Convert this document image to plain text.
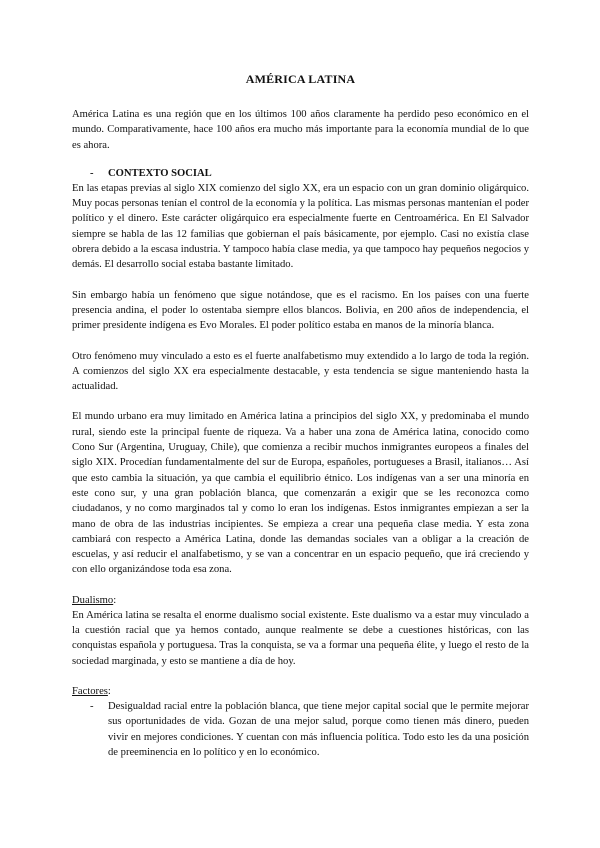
AMÉRICA LATINA

América Latina es una región que en los últimos 100 años claramente ha perdido peso económico en el mundo. Comparativamente, hace 100 años era mucho más importante para la economía mundial de lo que es ahora.

-	CONTEXTO SOCIAL

En las etapas previas al siglo XIX comienzo del siglo XX, era un espacio con un gran dominio oligárquico. Muy pocas personas tenían el control de la economía y la política. Las mismas personas mantenían el poder político y el dinero. Este carácter oligárquico era especialmente fuerte en Centroamérica. En El Salvador siempre se habla de las 12 familias que gobiernan el país básicamente, por ejemplo. Casi no existía clase obrera debido a la escasa industria. Y tampoco había clase media, ya que tampoco hay pequeños negocios y demás. El desarrollo social estaba bastante limitado.

Sin embargo había un fenómeno que sigue notándose, que es el racismo. En los países con una fuerte presencia andina, el poder lo ostentaba siempre ellos blancos. Bolivia, en 200 años de independencia, el primer presidente indígena es Evo Morales. El poder político estaba en manos de la minoría blanca.

Otro fenómeno muy vinculado a esto es el fuerte analfabetismo muy extendido a lo largo de toda la región. A comienzos del siglo XX era especialmente destacable, y esta tendencia se sigue manteniendo hasta la actualidad.

El mundo urbano era muy limitado en América latina a principios del siglo XX, y predominaba el mundo rural, siendo este la principal fuente de riqueza. Va a haber una zona de América latina, conocido como Cono Sur (Argentina, Uruguay, Chile), que comienza a recibir muchos inmigrantes europeos a finales del siglo XIX. Procedían fundamentalmente del sur de Europa, españoles, portugueses a Brasil, italianos… Así que esto cambia la situación, ya que cambia el equilibrio étnico. Los indígenas van a ser una minoría en este cono sur, y una gran población blanca, que comenzarán a exigir que se les reconozca como ciudadanos, y no como marginados tal y como lo eran los indígenas. Estos inmigrantes empiezan a ser la mano de obra de las industrias incipientes. Se empieza a crear una pequeña clase media. Y esta zona cambiará con respecto a América Latina, donde las demandas sociales van a obligar a la creación de escuelas, y así reducir el analfabetismo, y se van a concentrar en un espacio pequeño, que irá creciendo y con ello organizándose toda esa zona.

Dualismo:

En América latina se resalta el enorme dualismo social existente. Este dualismo va a estar muy vinculado a la cuestión racial que ya hemos contado, aunque realmente se debe a cuestiones históricas, con las conquistas española y portuguesa. Tras la conquista, se va a formar una pequeña élite, y luego el resto de la sociedad marginada, y esto se mantiene a día de hoy.

Factores:
-	Desigualdad racial entre la población blanca, que tiene mejor capital social que le permite mejorar sus oportunidades de vida. Gozan de una mejor salud, porque como tienen más dinero, pueden vivir en mejores condiciones. Y cuentan con más influencia política. Todo esto les da una posición de preeminencia en lo político y en lo económico.
